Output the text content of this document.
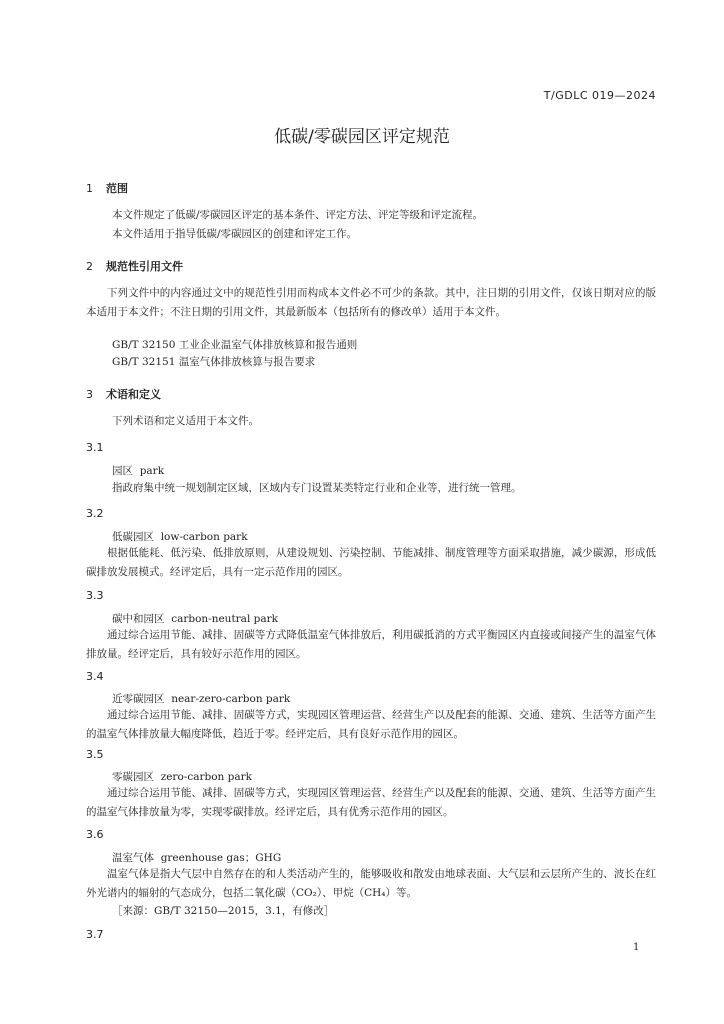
T/GDLC 019—2024
低碳/零碳园区评定规范
1 范围
本文件规定了低碳/零碳园区评定的基本条件、评定方法、评定等级和评定流程。
本文件适用于指导低碳/零碳园区的创建和评定工作。
2 规范性引用文件
下列文件中的内容通过文中的规范性引用而构成本文件必不可少的条款。其中，注日期的引用文件，仅该日期对应的版本适用于本文件；不注日期的引用文件，其最新版本（包括所有的修改单）适用于本文件。
GB/T 32150 工业企业温室气体排放核算和报告通则
GB/T 32151 温室气体排放核算与报告要求
3 术语和定义
下列术语和定义适用于本文件。
3.1
园区 park
指政府集中统一规划制定区域，区域内专门设置某类特定行业和企业等，进行统一管理。
3.2
低碳园区 low-carbon park
根据低能耗、低污染、低排放原则，从建设规划、污染控制、节能减排、制度管理等方面采取措施，减少碳源，形成低碳排放发展模式。经评定后，具有一定示范作用的园区。
3.3
碳中和园区 carbon-neutral park
通过综合运用节能、减排、固碳等方式降低温室气体排放后，利用碳抵消的方式平衡园区内直接或间接产生的温室气体排放量。经评定后，具有较好示范作用的园区。
3.4
近零碳园区 near-zero-carbon park
通过综合运用节能、减排、固碳等方式，实现园区管理运营、经营生产以及配套的能源、交通、建筑、生活等方面产生的温室气体排放量大幅度降低，趋近于零。经评定后，具有良好示范作用的园区。
3.5
零碳园区 zero-carbon park
通过综合运用节能、减排、固碳等方式，实现园区管理运营、经营生产以及配套的能源、交通、建筑、生活等方面产生的温室气体排放量为零，实现零碳排放。经评定后，具有优秀示范作用的园区。
3.6
温室气体 greenhouse gas；GHG
温室气体是指大气层中自然存在的和人类活动产生的，能够吸收和散发由地球表面、大气层和云层所产生的、波长在红外光谱内的辐射的气态成分，包括二氧化碳（CO₂）、甲烷（CH₄）等。
［来源：GB/T 32150—2015，3.1，有修改］
3.7
1
